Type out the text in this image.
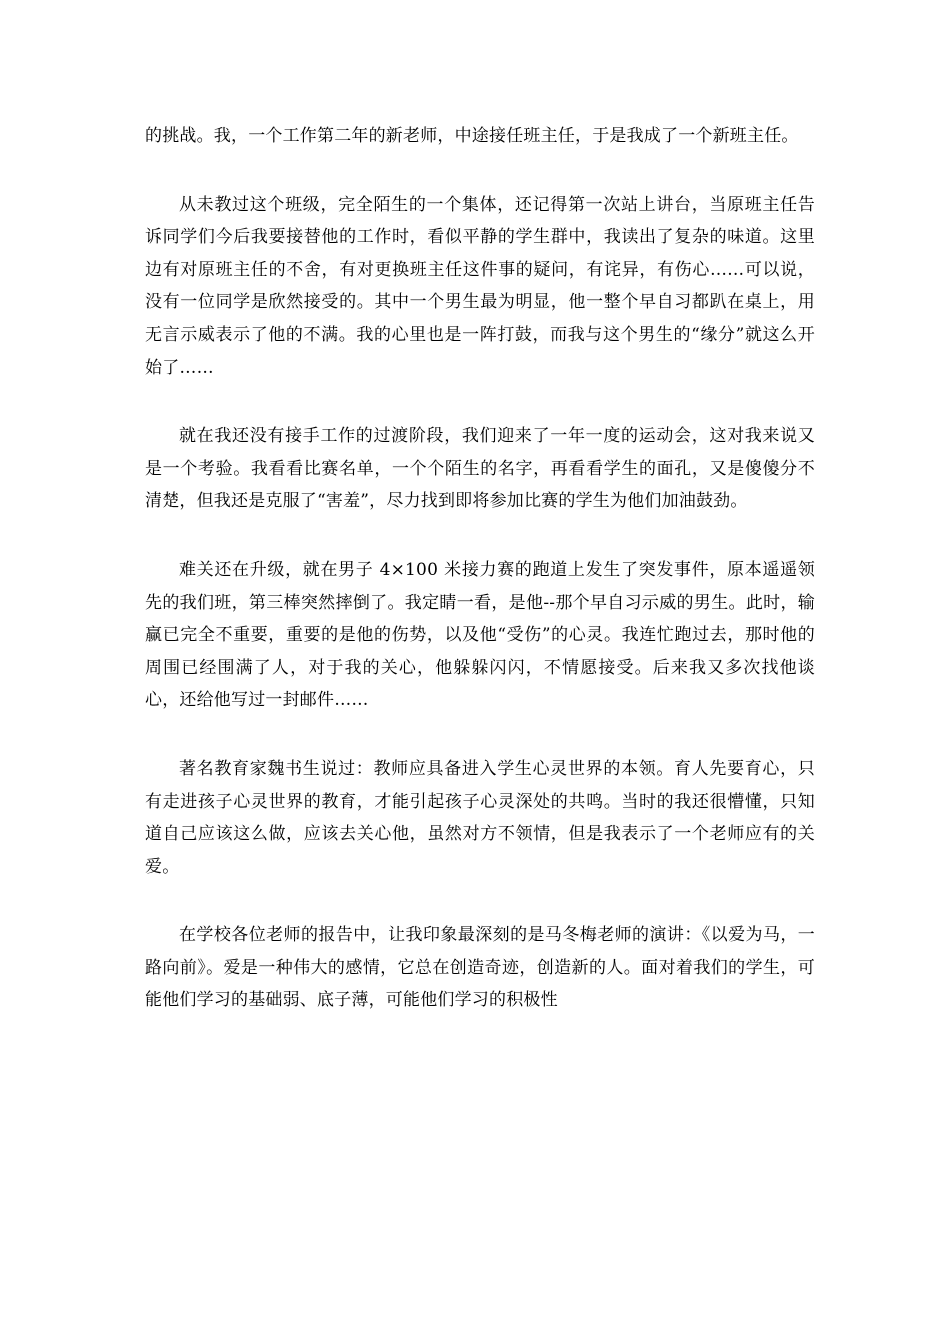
的挑战。我，一个工作第二年的新老师，中途接任班主任，于是我成了一个新班主任。

从未教过这个班级，完全陌生的一个集体，还记得第一次站上讲台，当原班主任告诉同学们今后我要接替他的工作时，看似平静的学生群中，我读出了复杂的味道。这里边有对原班主任的不舍，有对更换班主任这件事的疑问，有诧异，有伤心……可以说，没有一位同学是欣然接受的。其中一个男生最为明显，他一整个早自习都趴在桌上，用无言示威表示了他的不满。我的心里也是一阵打鼓，而我与这个男生的“缘分”就这么开始了……

就在我还没有接手工作的过渡阶段，我们迎来了一年一度的运动会，这对我来说又是一个考验。我看看比赛名单，一个个陌生的名字，再看看学生的面孔，又是傻傻分不清楚，但我还是克服了“害羞”，尽力找到即将参加比赛的学生为他们加油鼓劲。

难关还在升级，就在男子 4×100 米接力赛的跑道上发生了突发事件，原本遥遥领先的我们班，第三棒突然摔倒了。我定睛一看，是他--那个早自习示威的男生。此时，输赢已完全不重要，重要的是他的伤势，以及他“受伤”的心灵。我连忙跑过去，那时他的周围已经围满了人，对于我的关心，他躲躲闪闪，不情愿接受。后来我又多次找他谈心，还给他写过一封邮件……

著名教育家魏书生说过：教师应具备进入学生心灵世界的本领。育人先要育心，只有走进孩子心灵世界的教育，才能引起孩子心灵深处的共鸣。当时的我还很懵懂，只知道自己应该这么做，应该去关心他，虽然对方不领情，但是我表示了一个老师应有的关爱。

在学校各位老师的报告中，让我印象最深刻的是马冬梅老师的演讲：《以爱为马，一路向前》。爱是一种伟大的感情，它总在创造奇迹，创造新的人。面对着我们的学生，可能他们学习的基础弱、底子薄，可能他们学习的积极性
